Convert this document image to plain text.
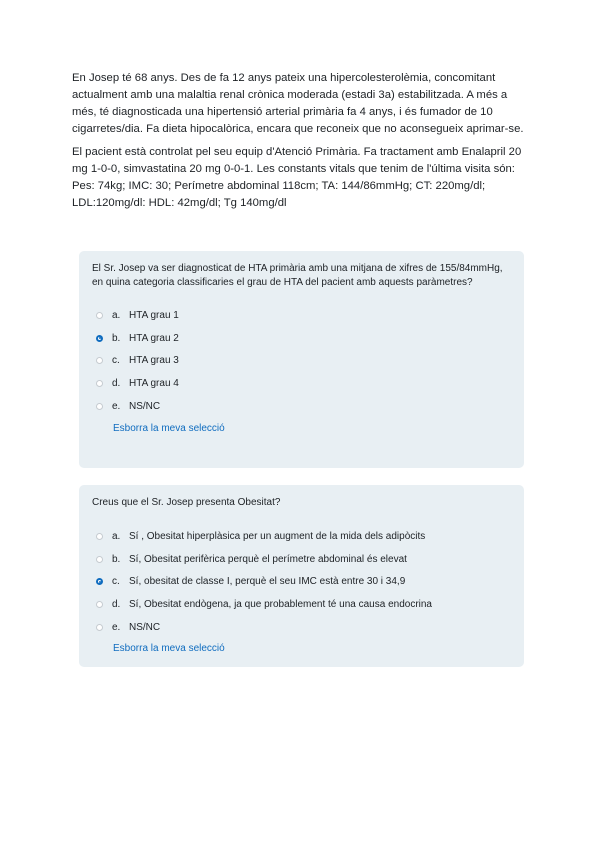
En Josep té 68 anys. Des de fa 12 anys pateix una hipercolesterolèmia, concomitant actualment amb una malaltia renal crònica moderada (estadi 3a) estabilitzada. A més a més, té diagnosticada una hipertensió arterial primària fa 4 anys, i és fumador de 10 cigarretes/dia. Fa dieta hipocalòrica, encara que reconeix que no aconsegueix aprimar-se.

El pacient està controlat pel seu equip d'Atenció Primària. Fa tractament amb Enalapril 20 mg 1-0-0, simvastatina 20 mg 0-0-1. Les constants vitals que tenim de l'última visita són: Pes: 74kg; IMC: 30; Perímetre abdominal 118cm; TA: 144/86mmHg; CT: 220mg/dl; LDL:120mg/dl: HDL: 42mg/dl; Tg 140mg/dl

El Sr. Josep va ser diagnosticat de HTA primària amb una mitjana de xifres de 155/84mmHg, en quina categoria classificaries el grau de HTA del pacient amb aquests paràmetres?

a. HTA grau 1
b. HTA grau 2
c. HTA grau 3
d. HTA grau 4
e. NS/NC
Esborra la meva selecció

Creus que el Sr. Josep presenta Obesitat?

a. Sí , Obesitat hiperplàsica per un augment de la mida dels adipòcits
b. Sí, Obesitat perifèrica perquè el perímetre abdominal és elevat
c. Sí, obesitat de classe I, perquè el seu IMC està entre 30 i 34,9
d. Sí, Obesitat endògena, ja que probablement té una causa endocrina
e. NS/NC
Esborra la meva selecció
